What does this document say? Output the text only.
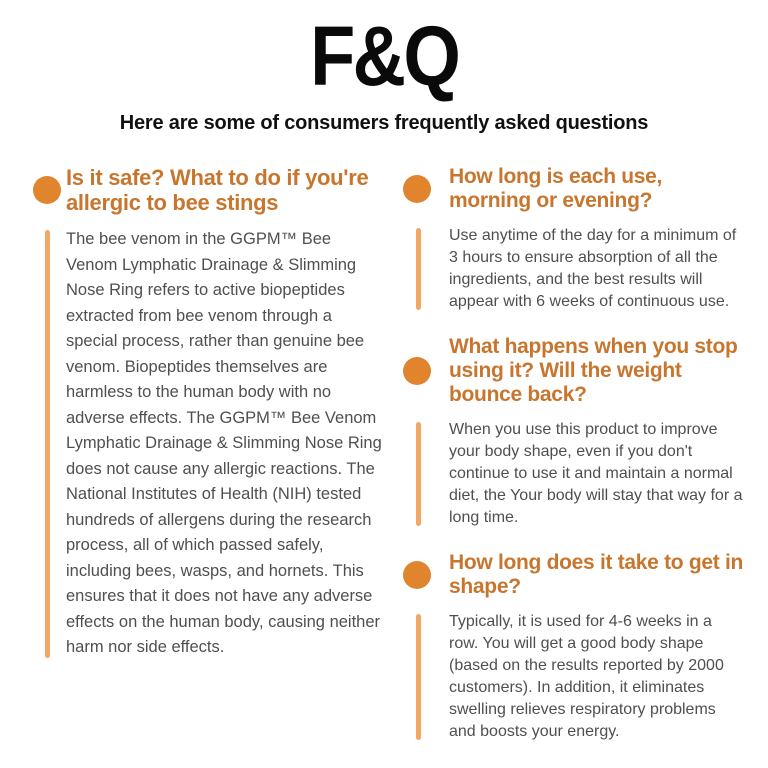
F&Q
Here are some of consumers frequently asked questions
Is it safe? What to do if you're allergic to bee stings

The bee venom in the GGPM™ Bee Venom Lymphatic Drainage & Slimming Nose Ring refers to active biopeptides extracted from bee venom through a special process, rather than genuine bee venom. Biopeptides themselves are harmless to the human body with no adverse effects. The GGPM™ Bee Venom Lymphatic Drainage & Slimming Nose Ring does not cause any allergic reactions. The National Institutes of Health (NIH) tested hundreds of allergens during the research process, all of which passed safely, including bees, wasps, and hornets. This ensures that it does not have any adverse effects on the human body, causing neither harm nor side effects.

How long is each use, morning or evening?

Use anytime of the day for a minimum of 3 hours to ensure absorption of all the ingredients, and the best results will appear with 6 weeks of continuous use.

What happens when you stop using it? Will the weight bounce back?

When you use this product to improve your body shape, even if you don't continue to use it and maintain a normal diet, the Your body will stay that way for a long time.

How long does it take to get in shape?

Typically, it is used for 4-6 weeks in a row. You will get a good body shape (based on the results reported by 2000 customers). In addition, it eliminates swelling relieves respiratory problems and boosts your energy.
